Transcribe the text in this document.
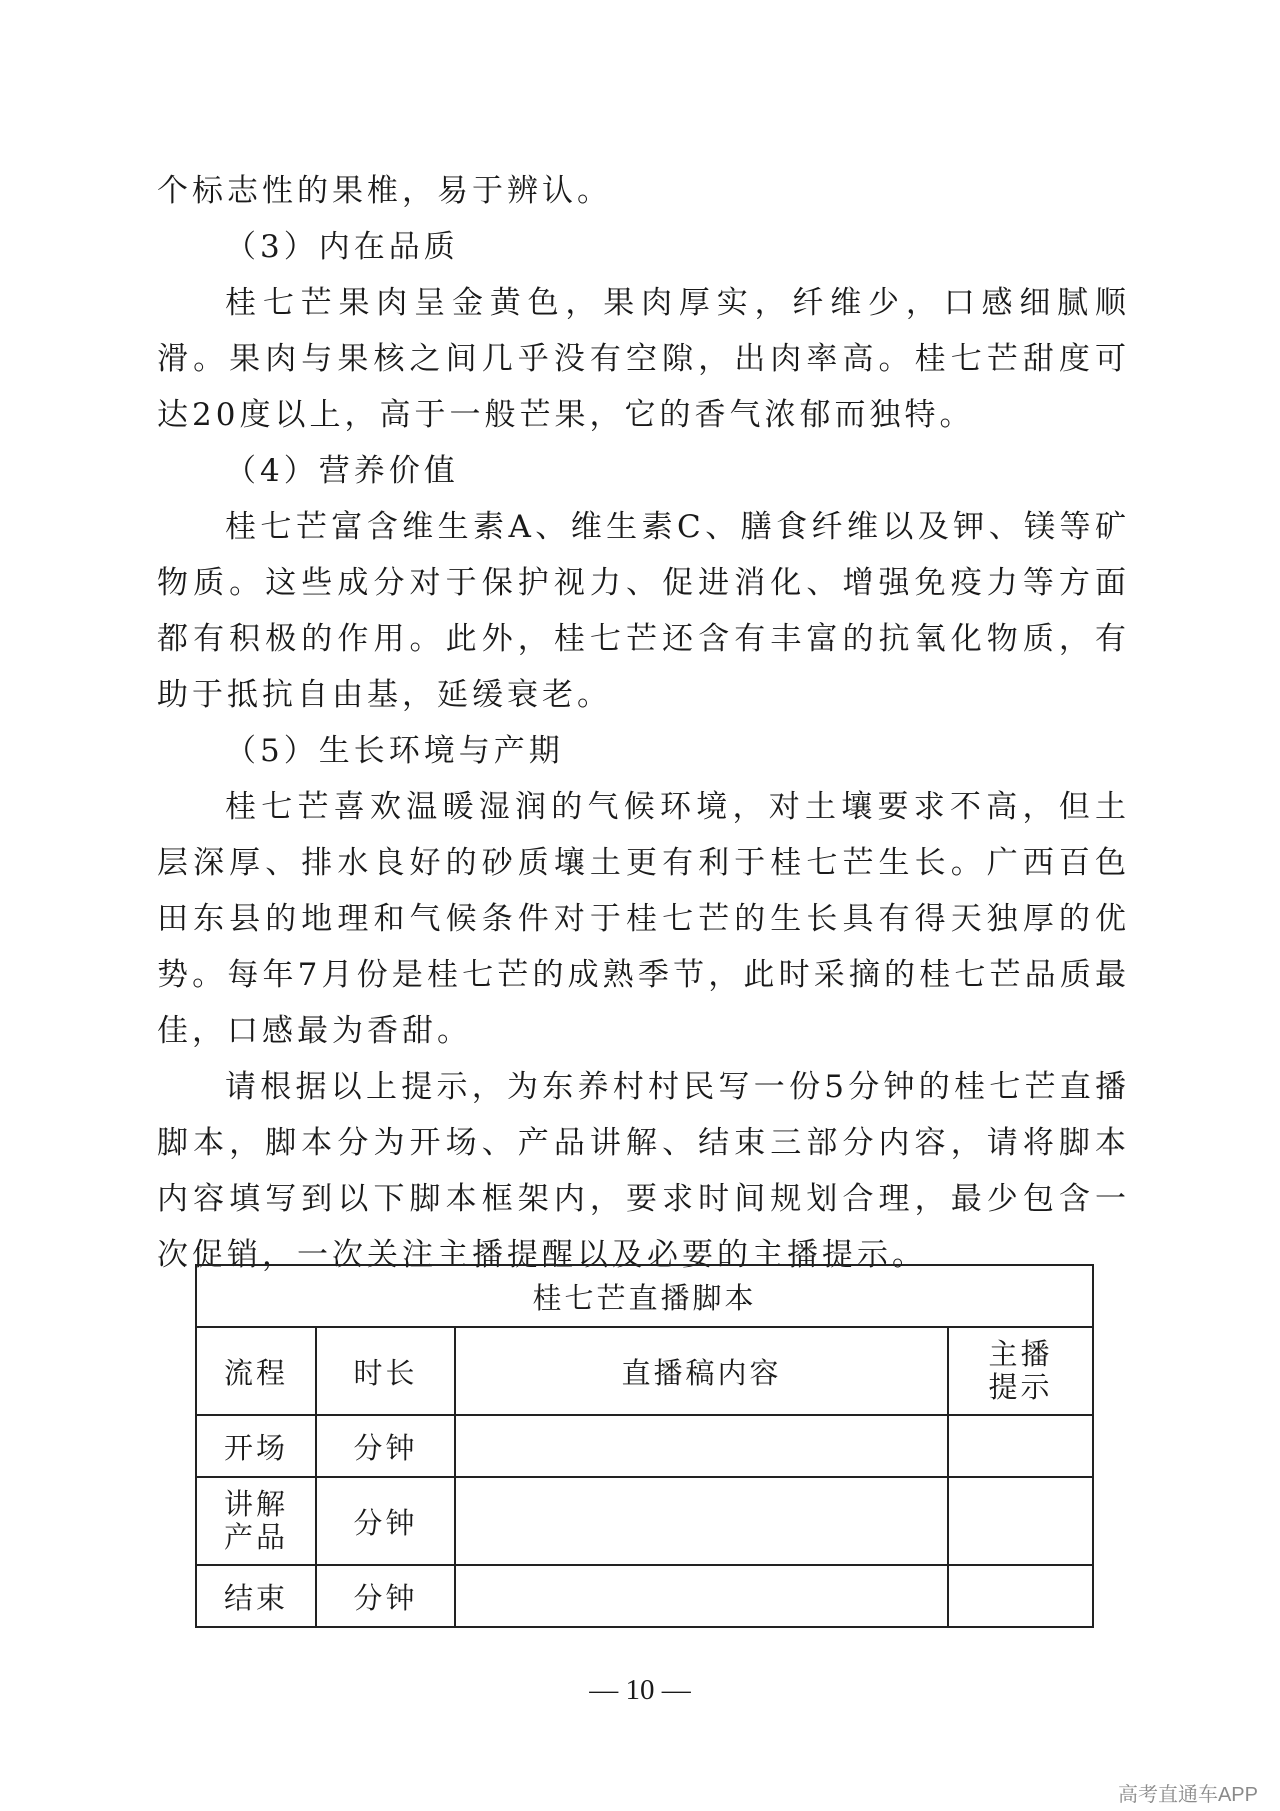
个标志性的果椎，易于辨认。

（3）内在品质

桂七芒果肉呈金黄色，果肉厚实，纤维少，口感细腻顺滑。果肉与果核之间几乎没有空隙，出肉率高。桂七芒甜度可达20度以上，高于一般芒果，它的香气浓郁而独特。

（4）营养价值

桂七芒富含维生素A、维生素C、膳食纤维以及钾、镁等矿物质。这些成分对于保护视力、促进消化、增强免疫力等方面都有积极的作用。此外，桂七芒还含有丰富的抗氧化物质，有助于抵抗自由基，延缓衰老。

（5）生长环境与产期

桂七芒喜欢温暖湿润的气候环境，对土壤要求不高，但土层深厚、排水良好的砂质壤土更有利于桂七芒生长。广西百色田东县的地理和气候条件对于桂七芒的生长具有得天独厚的优势。每年7月份是桂七芒的成熟季节，此时采摘的桂七芒品质最佳，口感最为香甜。

请根据以上提示，为东养村村民写一份5分钟的桂七芒直播脚本，脚本分为开场、产品讲解、结束三部分内容，请将脚本内容填写到以下脚本框架内，要求时间规划合理，最少包含一次促销，一次关注主播提醒以及必要的主播提示。

桂七芒直播脚本			
流程	时长	直播稿内容	主播
提示
开场	分钟		
讲解
产品	分钟		
结束	分钟		
— 10 —
高考直通车APP
